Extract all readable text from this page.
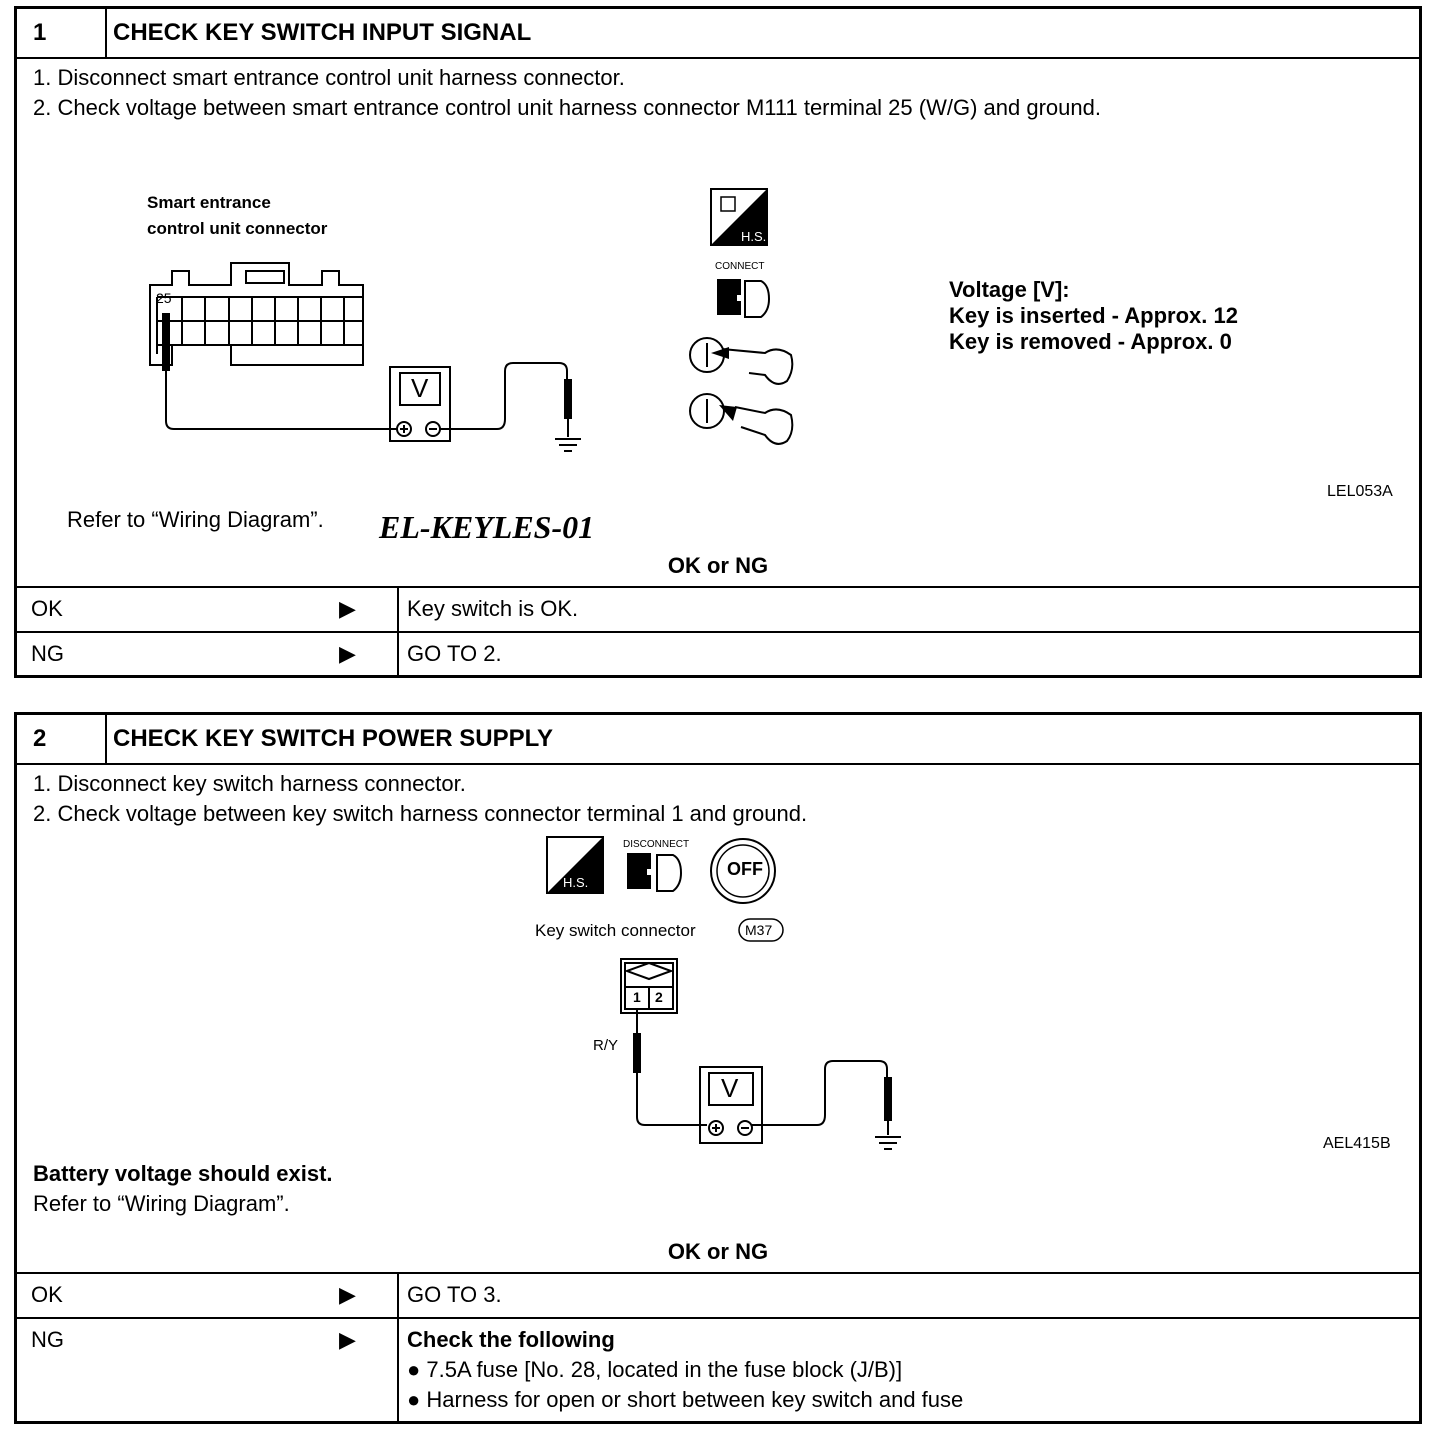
1	CHECK KEY SWITCH INPUT SIGNAL
1. Disconnect smart entrance control unit harness connector.
2. Check voltage between smart entrance control unit harness connector M111 terminal 25 (W/G) and ground.
Smart entrance
control unit connector
25
V
H.S.
CONNECT
Voltage [V]:
Key is inserted - Approx. 12
Key is removed - Approx. 0
LEL053A
Refer to “Wiring Diagram”. EL-KEYLES-01
OK or NG
OK	▶ Key switch is OK.
NG	▶ GO TO 2.
2	CHECK KEY SWITCH POWER SUPPLY
1. Disconnect key switch harness connector.
2. Check voltage between key switch harness connector terminal 1 and ground.
H.S.
DISCONNECT
OFF
Key switch connector	M37
1 2
R/Y
V
AEL415B
Battery voltage should exist.
Refer to “Wiring Diagram”.
OK or NG
OK	▶ GO TO 3.
NG	▶ Check the following
● 7.5A fuse [No. 28, located in the fuse block (J/B)]
● Harness for open or short between key switch and fuse
